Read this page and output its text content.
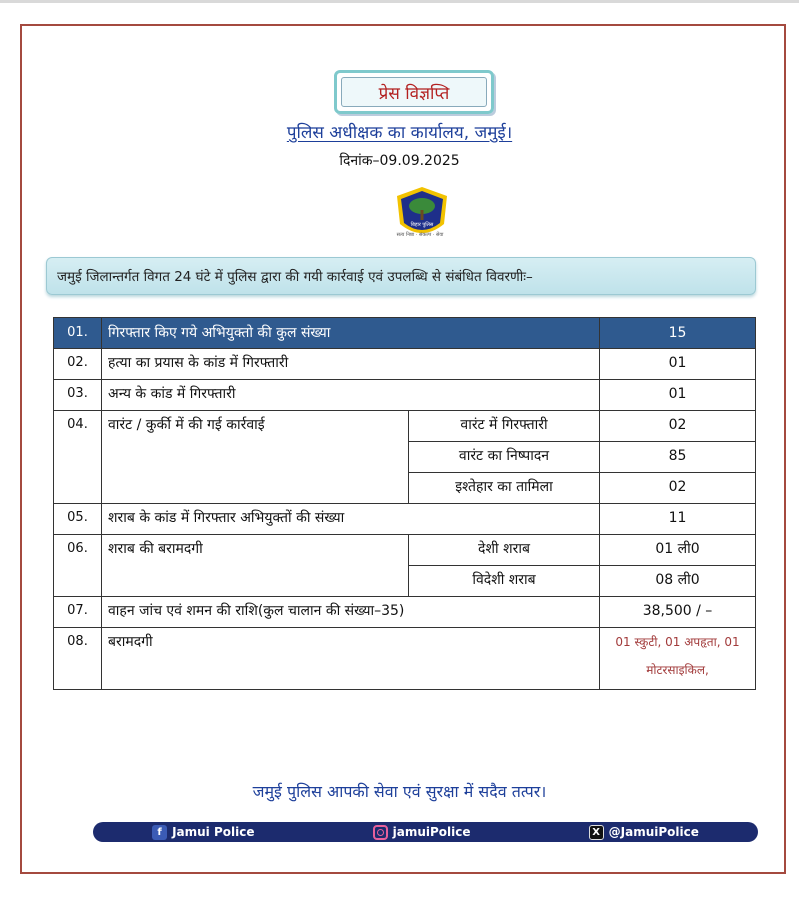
प्रेस विज्ञप्ति
पुलिस अधीक्षक का कार्यालय, जमुई।
दिनांक–09.09.2025
बिहार पुलिस
सत्य निष्ठा · संकल्प · सेवा
जमुई जिलान्तर्गत विगत 24 घंटे में पुलिस द्वारा की गयी कार्रवाई एवं उपलब्धि से संबंधित विवरणीः–
01.	गिरफ्तार किए गये अभियुक्तो की कुल संख्या		15
02.	हत्या का प्रयास के कांड में गिरफ्तारी		01
03.	अन्य के कांड में गिरफ्तारी		01
04.	वारंट / कुर्की में की गई कार्रवाई	वारंट में गिरफ्तारी	02
		वारंट का निष्पादन	85
		इश्तेहार का तामिला	02
05.	शराब के कांड में गिरफ्तार अभियुक्तों की संख्या		11
06.	शराब की बरामदगी	देशी शराब	01 ली0
		विदेशी शराब	08 ली0
07.	वाहन जांच एवं शमन की राशि(कुल चालान की संख्या–35)		38,500 / –
08.	बरामदगी		01 स्कुटी, 01 अपहृता, 01 मोटरसाइकिल,
जमुई पुलिस आपकी सेवा एवं सुरक्षा में सदैव तत्पर।
f Jamui Police	jamuiPolice	X @JamuiPolice
